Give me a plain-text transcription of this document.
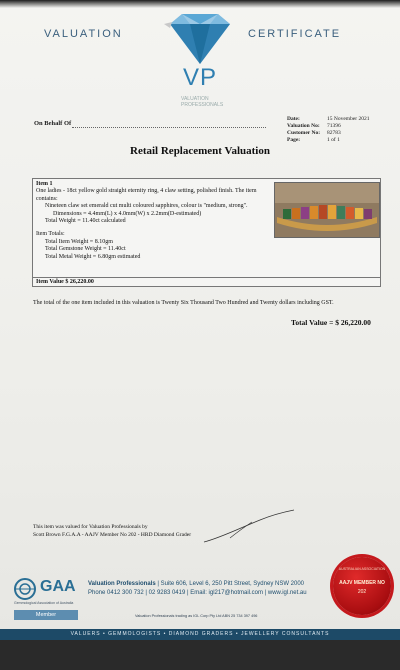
VALUATION
VP
VALUATION PROFESSIONALS
CERTIFICATE
On Behalf Of
Date:	15 November 2021
Valuation No:	71396
Customer No:	82783
Page:	1 of 1
Retail Replacement Valuation
Item 1
One ladies - 18ct yellow gold straight eternity ring, 4 claw setting, polished finish. The item contains:
Nineteen claw set emerald cut multi coloured sapphires, colour is "medium, strong".
Dimensions = 4.4mm(L) x 4.0mm(W) x 2.2mm(D-estimated)
Total Weight = 11.40ct calculated
Item Totals:
Total Item Weight = 8.10gm
Total Gemstone Weight = 11.40ct
Total Metal Weight = 6.80gm estimated
Item Value $ 26,220.00
The total of the one item included in this valuation is Twenty Six Thousand Two Hundred and Twenty dollars including GST.
Total Value = $ 26,220.00
This item was valued for Valuation Professionals by
Scott Brown F.G.A.A - AAJV Member No 202 - HRD Diamond Grader
AUSTRALIAN ASSOCIATION
AAJV MEMBER NO
202
GAA
Gemmological Association of Australia
Member
Valuation Professionals | Suite 606, Level 6, 250 Pitt Street, Sydney NSW 2000
Phone 0412 300 732 | 02 9283 0419 | Email: igl217@hotmail.com | www.igl.net.au
Valuation Professionals trading as IGL Corp Pty Ltd ABN 25 734 397 496
VALUERS • GEMMOLOGISTS • DIAMOND GRADERS • JEWELLERY CONSULTANTS
